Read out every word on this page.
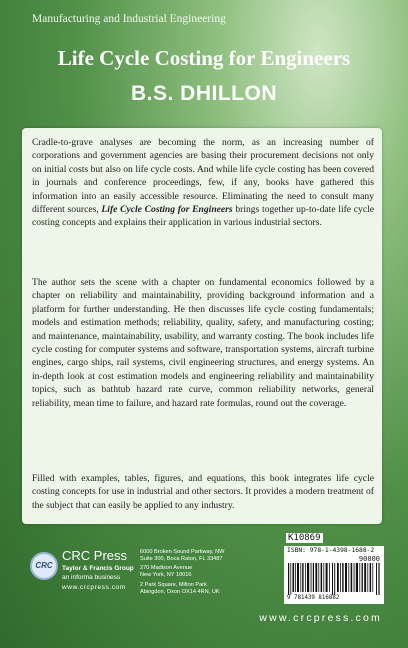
Manufacturing and Industrial Engineering
Life Cycle Costing for Engineers
B.S. DHILLON

Cradle-to-grave analyses are becoming the norm, as an increasing number of corporations and government agencies are basing their procurement decisions not only on initial costs but also on life cycle costs. And while life cycle costing has been covered in journals and conference proceedings, few, if any, books have gathered this information into an easily accessible resource. Eliminating the need to consult many different sources, Life Cycle Costing for Engineers brings together up-to-date life cycle costing concepts and explains their application in various industrial sectors.

The author sets the scene with a chapter on fundamental economics followed by a chapter on reliability and maintainability, providing background information and a platform for further understanding. He then discusses life cycle costing fundamentals; models and estimation methods; reliability, quality, safety, and manufacturing costing; and maintenance, maintainability, usability, and warranty costing. The book includes life cycle costing for computer systems and software, transportation systems, aircraft turbine engines, cargo ships, rail systems, civil engineering structures, and energy systems. An in-depth look at cost estimation models and engineering reliability and maintainability topics, such as bathtub hazard rate curve, common reliability networks, general reliability, mean time to failure, and hazard rate formulas, round out the coverage.

Filled with examples, tables, figures, and equations, this book integrates life cycle costing concepts for use in industrial and other sectors. It provides a modern treatment of the subject that can easily be applied to any industry.

CRC
CRC Press
Taylor & Francis Group
an informa business
www.crcpress.com
6000 Broken Sound Parkway, NW
Suite 300, Boca Raton, FL 33487
270 Madison Avenue
New York, NY 10016
2 Park Square, Milton Park
Abingdon, Oxon OX14 4RN, UK
K10869
ISBN: 978-1-4398-1688-2
90000
9 781439 816882
www.crcpress.com
